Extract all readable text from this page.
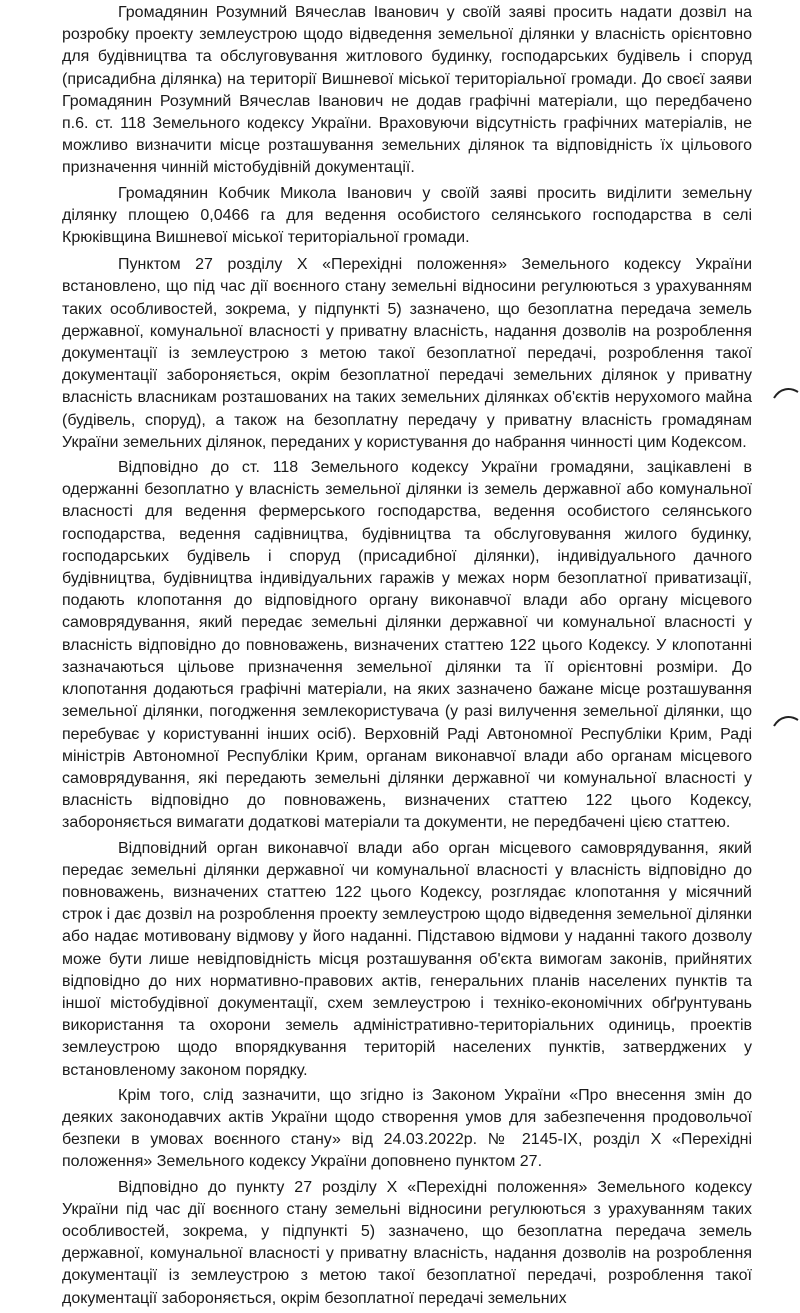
Громадянин Розумний Вячеслав Іванович у своїй заяві просить надати дозвіл на розробку проекту землеустрою щодо відведення земельної ділянки у власність орієнтовно для будівництва та обслуговування житлового будинку, господарських будівель і споруд (присадибна ділянка) на території Вишневої міської територіальної громади. До своєї заяви Громадянин Розумний Вячеслав Іванович не додав графічні матеріали, що передбачено п.6. ст. 118 Земельного кодексу України. Враховуючи відсутність графічних матеріалів, не можливо визначити місце розташування земельних ділянок та відповідність їх цільового призначення чинній містобудівній документації.

Громадянин Кобчик Микола Іванович у своїй заяві просить виділити земельну ділянку площею 0,0466 га для ведення особистого селянського господарства в селі Крюківщина Вишневої міської територіальної громади.

Пунктом 27 розділу X «Перехідні положення» Земельного кодексу України встановлено, що під час дії воєнного стану земельні відносини регулюються з урахуванням таких особливостей, зокрема, у підпункті 5) зазначено, що безоплатна передача земель державної, комунальної власності у приватну власність, надання дозволів на розроблення документації із землеустрою з метою такої безоплатної передачі, розроблення такої документації забороняється, окрім безоплатної передачі земельних ділянок у приватну власність власникам розташованих на таких земельних ділянках об'єктів нерухомого майна (будівель, споруд), а також на безоплатну передачу у приватну власність громадянам України земельних ділянок, переданих у користування до набрання чинності цим Кодексом.

Відповідно до ст. 118 Земельного кодексу України громадяни, зацікавлені в одержанні безоплатно у власність земельної ділянки із земель державної або комунальної власності для ведення фермерського господарства, ведення особистого селянського господарства, ведення садівництва, будівництва та обслуговування жилого будинку, господарських будівель і споруд (присадибної ділянки), індивідуального дачного будівництва, будівництва індивідуальних гаражів у межах норм безоплатної приватизації, подають клопотання до відповідного органу виконавчої влади або органу місцевого самоврядування, який передає земельні ділянки державної чи комунальної власності у власність відповідно до повноважень, визначених статтею 122 цього Кодексу. У клопотанні зазначаються цільове призначення земельної ділянки та її орієнтовні розміри. До клопотання додаються графічні матеріали, на яких зазначено бажане місце розташування земельної ділянки, погодження землекористувача (у разі вилучення земельної ділянки, що перебуває у користуванні інших осіб). Верховній Раді Автономної Республіки Крим, Раді міністрів Автономної Республіки Крим, органам виконавчої влади або органам місцевого самоврядування, які передають земельні ділянки державної чи комунальної власності у власність відповідно до повноважень, визначених статтею 122 цього Кодексу, забороняється вимагати додаткові матеріали та документи, не передбачені цією статтею.

Відповідний орган виконавчої влади або орган місцевого самоврядування, який передає земельні ділянки державної чи комунальної власності у власність відповідно до повноважень, визначених статтею 122 цього Кодексу, розглядає клопотання у місячний строк і дає дозвіл на розроблення проекту землеустрою щодо відведення земельної ділянки або надає мотивовану відмову у його наданні. Підставою відмови у наданні такого дозволу може бути лише невідповідність місця розташування об'єкта вимогам законів, прийнятих відповідно до них нормативно-правових актів, генеральних планів населених пунктів та іншої містобудівної документації, схем землеустрою і техніко-економічних обґрунтувань використання та охорони земель адміністративно-територіальних одиниць, проектів землеустрою щодо впорядкування територій населених пунктів, затверджених у встановленому законом порядку.

Крім того, слід зазначити, що згідно із Законом України «Про внесення змін до деяких законодавчих актів України щодо створення умов для забезпечення продовольчої безпеки в умовах воєнного стану» від 24.03.2022р. № 2145-IX, розділ X «Перехідні положення» Земельного кодексу України доповнено пунктом 27.

Відповідно до пункту 27 розділу X «Перехідні положення» Земельного кодексу України під час дії воєнного стану земельні відносини регулюються з урахуванням таких особливостей, зокрема, у підпункті 5) зазначено, що безоплатна передача земель державної, комунальної власності у приватну власність, надання дозволів на розроблення документації із землеустрою з метою такої безоплатної передачі, розроблення такої документації забороняється, окрім безоплатної передачі земельних
